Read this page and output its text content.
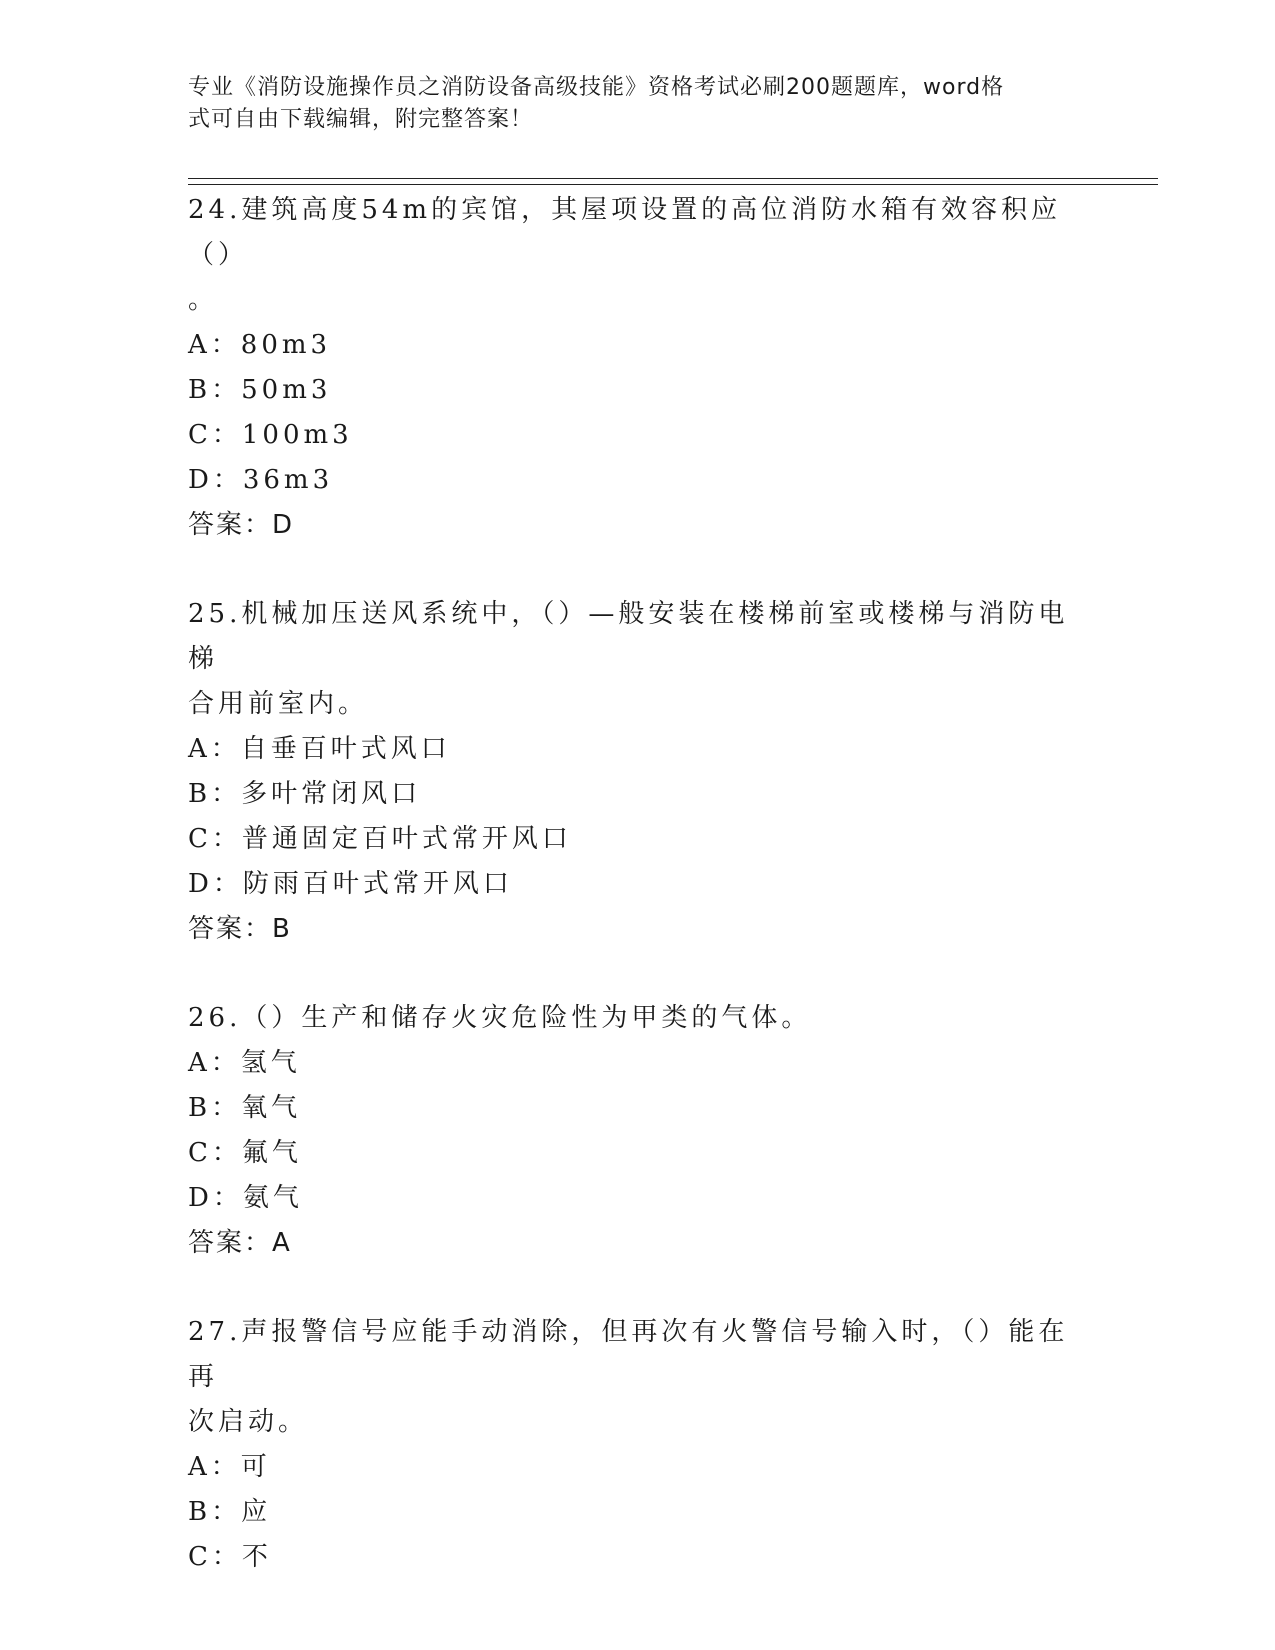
专业《消防设施操作员之消防设备高级技能》资格考试必刷200题题库，word格
式可自由下载编辑，附完整答案！
24.建筑高度54m的宾馆，其屋项设置的高位消防水箱有效容积应（）
。
A：80m3
B：50m3
C：100m3
D：36m3
答案：D
25.机械加压送风系统中，（）—般安装在楼梯前室或楼梯与消防电梯
合用前室内。
A：自垂百叶式风口
B：多叶常闭风口
C：普通固定百叶式常开风口
D：防雨百叶式常开风口
答案：B
26.（）生产和储存火灾危险性为甲类的气体。
A：氢气
B：氧气
C：氟气
D：氨气
答案：A
27.声报警信号应能手动消除，但再次有火警信号输入时，（）能在再
次启动。
A：可
B：应
C：不
